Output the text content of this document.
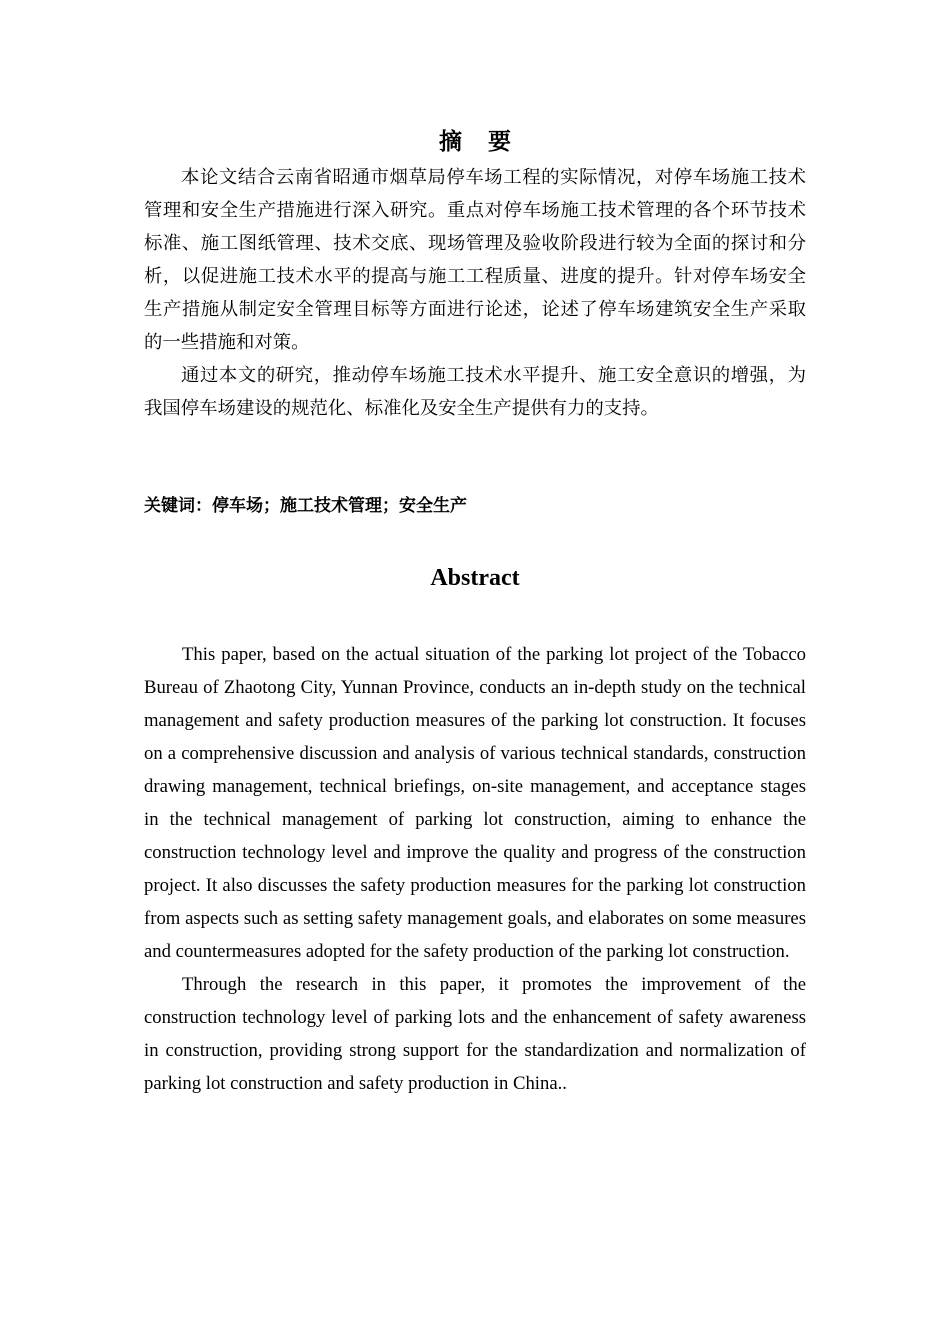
摘要

本论文结合云南省昭通市烟草局停车场工程的实际情况，对停车场施工技术管理和安全生产措施进行深入研究。重点对停车场施工技术管理的各个环节技术标准、施工图纸管理、技术交底、现场管理及验收阶段进行较为全面的探讨和分析，以促进施工技术水平的提高与施工工程质量、进度的提升。针对停车场安全生产措施从制定安全管理目标等方面进行论述，论述了停车场建筑安全生产采取的一些措施和对策。

通过本文的研究，推动停车场施工技术水平提升、施工安全意识的增强，为我国停车场建设的规范化、标准化及安全生产提供有力的支持。

关键词：停车场；施工技术管理；安全生产
Abstract

This paper, based on the actual situation of the parking lot project of the Tobacco Bureau of Zhaotong City, Yunnan Province, conducts an in-depth study on the technical management and safety production measures of the parking lot construction. It focuses on a comprehensive discussion and analysis of various technical standards, construction drawing management, technical briefings, on-site management, and acceptance stages in the technical management of parking lot construction, aiming to enhance the construction technology level and improve the quality and progress of the construction project. It also discusses the safety production measures for the parking lot construction from aspects such as setting safety management goals, and elaborates on some measures and countermeasures adopted for the safety production of the parking lot construction.

Through the research in this paper, it promotes the improvement of the construction technology level of parking lots and the enhancement of safety awareness in construction, providing strong support for the standardization and normalization of parking lot construction and safety production in China..
